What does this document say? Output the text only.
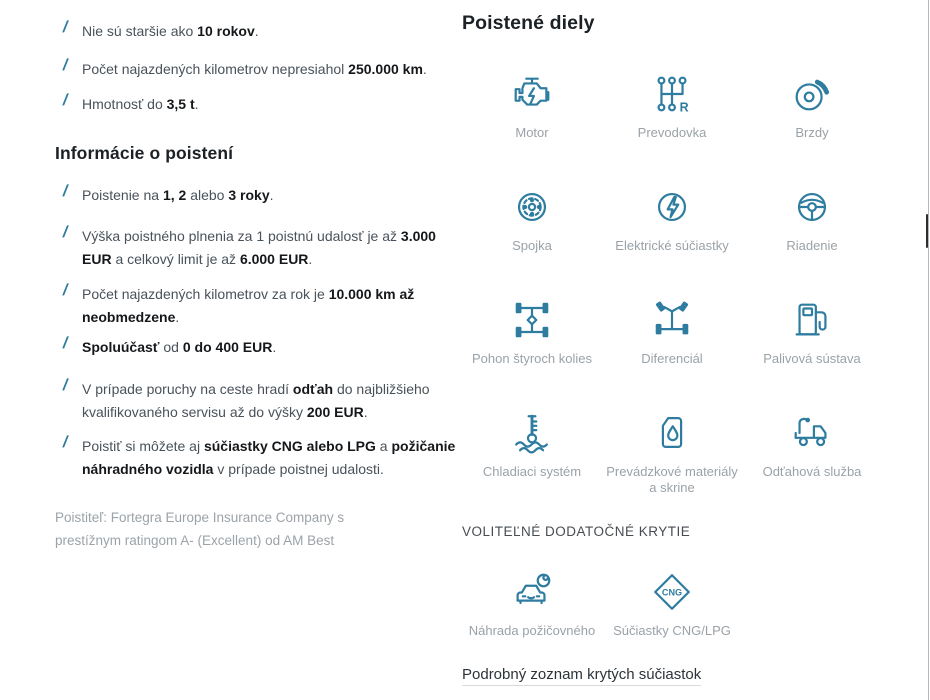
/ Nie sú staršie ako 10 rokov.

/ Počet najazdených kilometrov nepresiahol 250.000 km.

/ Hmotnosť do 3,5 t.

Informácie o poistení
/ Poistenie na 1, 2 alebo 3 roky.

/ Výška poistného plnenia za 1 poistnú udalosť je až 3.000
EUR a celkový limit je až 6.000 EUR.

/ Počet najazdených kilometrov za rok je 10.000 km až
neobmedzene.

/ Spoluúčasť od 0 do 400 EUR.

/ V prípade poruchy na ceste hradí odťah do najbližšieho
kvalifikovaného servisu až do výšky 200 EUR.

/ Poistiť si môžete aj súčiastky CNG alebo LPG a požičanie
náhradného vozidla v prípade poistnej udalosti.

Poistiteľ: Fortegra Europe Insurance Company s
prestížnym ratingom A- (Excellent) od AM Best

Poistené diely
Motor
R
Prevodovka	Brzdy
Spojka	Elektrické súčiastky	Riadenie
Pohon štyroch kolies	Diferenciál	Palivová sústava
Chladiaci systém	Prevádzkové materiály a skrine
Odťahová služba
VOLITEĽNÉ DODATOČNÉ KRYTIE
Náhrada požičovného
CNG
Súčiastky CNG/LPG
Podrobný zoznam krytých súčiastok
